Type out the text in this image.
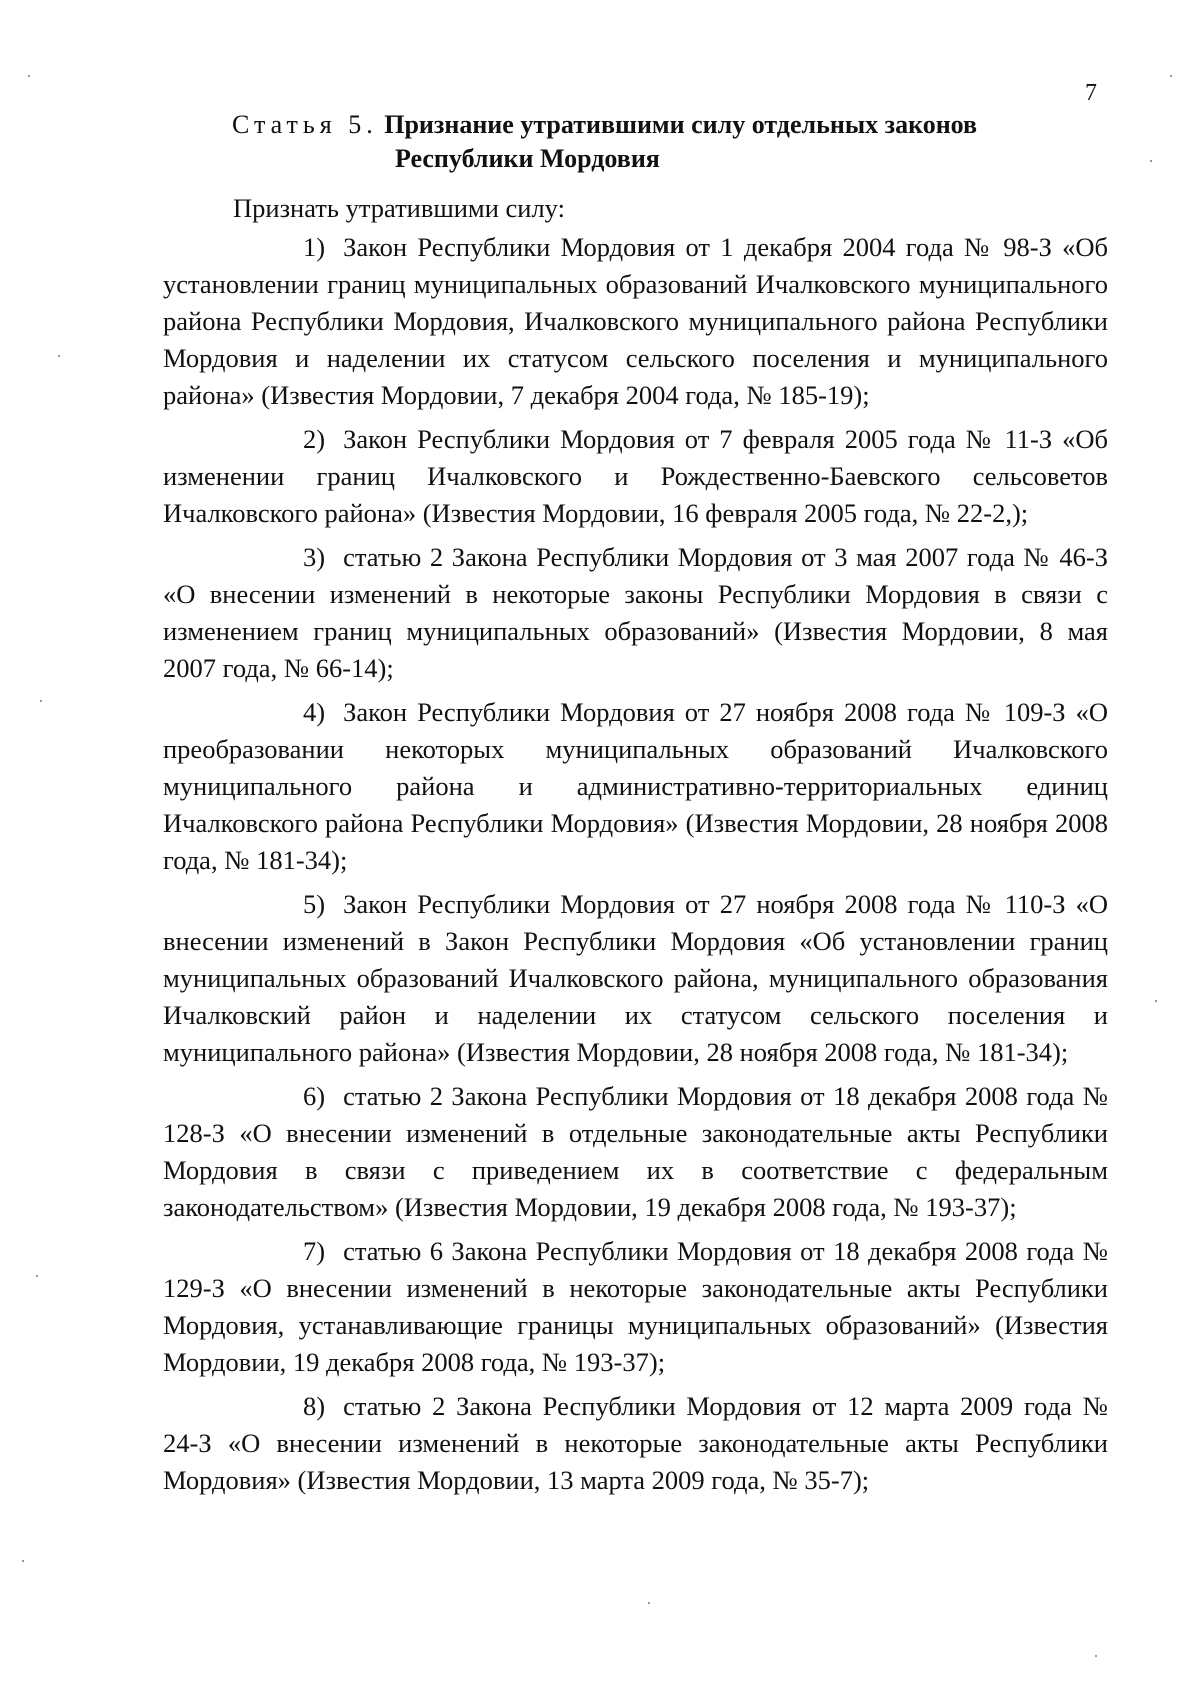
7
Статья 5. Признание утратившими силу отдельных законов
Республики Мордовия

Признать утратившими силу:

1) Закон Республики Мордовия от 1 декабря 2004 года № 98-З «Об установлении границ муниципальных образований Ичалковского муниципального района Республики Мордовия, Ичалковского муниципального района Республики Мордовия и наделении их статусом сельского поселения и муниципального района» (Известия Мордовии, 7 декабря 2004 года, № 185-19);

2) Закон Республики Мордовия от 7 февраля 2005 года № 11-З «Об изменении границ Ичалковского и Рождественно-Баевского сельсоветов Ичалковского района» (Известия Мордовии, 16 февраля 2005 года, № 22-2,);

3) статью 2 Закона Республики Мордовия от 3 мая 2007 года № 46-З «О внесении изменений в некоторые законы Республики Мордовия в связи с изменением границ муниципальных образований» (Известия Мордовии, 8 мая 2007 года, № 66-14);

4) Закон Республики Мордовия от 27 ноября 2008 года № 109-З «О преобразовании некоторых муниципальных образований Ичалковского муниципального района и административно-территориальных единиц Ичалковского района Республики Мордовия» (Известия Мордовии, 28 ноября 2008 года, № 181-34);

5) Закон Республики Мордовия от 27 ноября 2008 года № 110-З «О внесении изменений в Закон Республики Мордовия «Об установлении границ муниципальных образований Ичалковского района, муниципального образования Ичалковский район и наделении их статусом сельского поселения и муниципального района» (Известия Мордовии, 28 ноября 2008 года, № 181-34);

6) статью 2 Закона Республики Мордовия от 18 декабря 2008 года № 128-З «О внесении изменений в отдельные законодательные акты Республики Мордовия в связи с приведением их в соответствие с федеральным законодательством» (Известия Мордовии, 19 декабря 2008 года, № 193-37);

7) статью 6 Закона Республики Мордовия от 18 декабря 2008 года № 129-З «О внесении изменений в некоторые законодательные акты Республики Мордовия, устанавливающие границы муниципальных образований» (Известия Мордовии, 19 декабря 2008 года, № 193-37);

8) статью 2 Закона Республики Мордовия от 12 марта 2009 года № 24-З «О внесении изменений в некоторые законодательные акты Республики Мордовия» (Известия Мордовии, 13 марта 2009 года, № 35-7);
